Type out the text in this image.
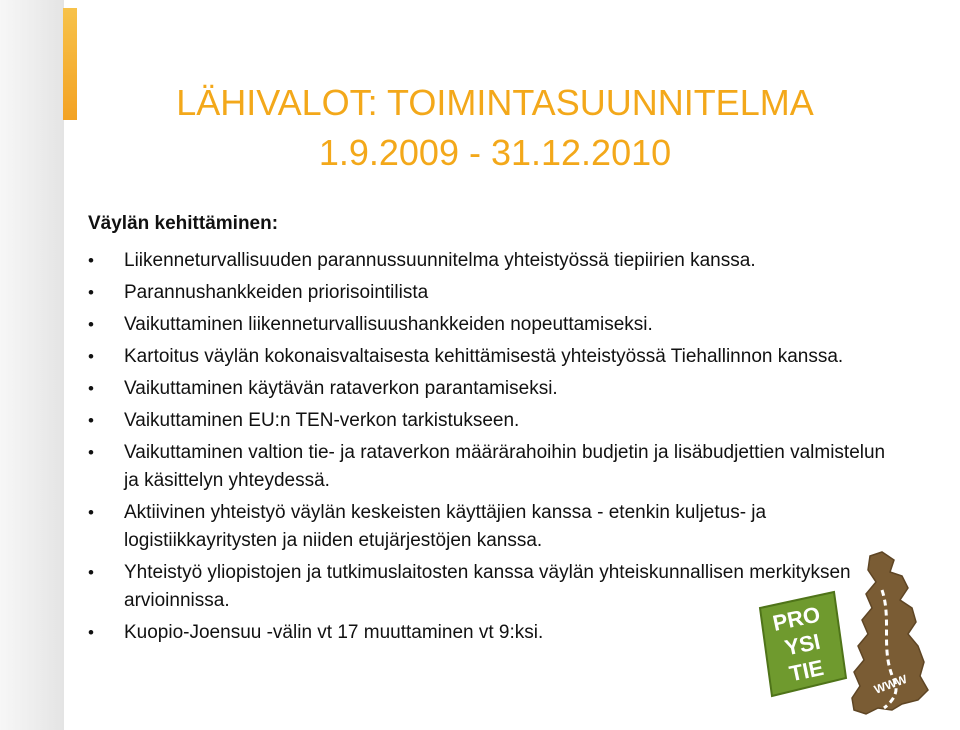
LÄHIVALOT: TOIMINTASUUNNITELMA
1.9.2009 - 31.12.2010
Väylän kehittäminen:
• Liikenneturvallisuuden parannussuunnitelma yhteistyössä tiepiirien kanssa.
• Parannushankkeiden priorisointilista
• Vaikuttaminen liikenneturvallisuushankkeiden nopeuttamiseksi.
• Kartoitus väylän kokonaisvaltaisesta kehittämisestä yhteistyössä Tiehallinnon kanssa.
• Vaikuttaminen käytävän rataverkon parantamiseksi.
• Vaikuttaminen EU:n TEN-verkon tarkistukseen.
• Vaikuttaminen valtion tie- ja rataverkon määrärahoihin budjetin ja lisäbudjettien valmistelun ja käsittelyn yhteydessä.
• Aktiivinen yhteistyö väylän keskeisten käyttäjien kanssa - etenkin kuljetus- ja logistiikkayritysten ja niiden etujärjestöjen kanssa.
• Yhteistyö yliopistojen ja tutkimuslaitosten kanssa väylän yhteiskunnallisen merkityksen arvioinnissa.
• Kuopio-Joensuu -välin vt 17 muuttaminen vt 9:ksi.	PRO
YSI
TIE	WWW
